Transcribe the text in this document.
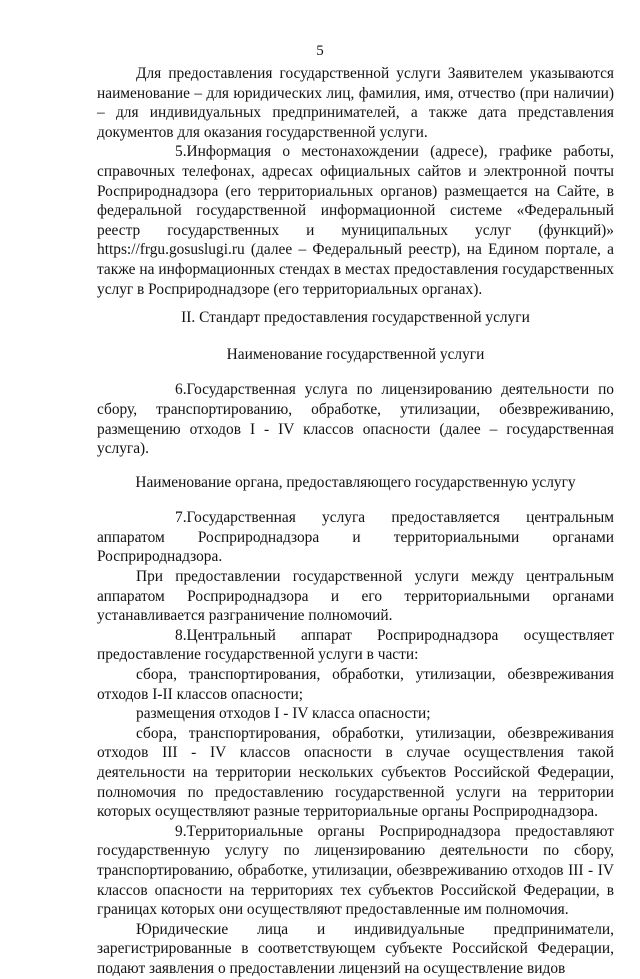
5

Для предоставления государственной услуги Заявителем указываются наименование – для юридических лиц, фамилия, имя, отчество (при наличии) – для индивидуальных предпринимателей, а также дата представления документов для оказания государственной услуги.

5.Информация о местонахождении (адресе), графике работы, справочных телефонах, адресах официальных сайтов и электронной почты Росприроднадзора (его территориальных органов) размещается на Сайте, в федеральной государственной информационной системе «Федеральный реестр государственных и муниципальных услуг (функций)» https://frgu.gosuslugi.ru (далее – Федеральный реестр), на Едином портале, а также на информационных стендах в местах предоставления государственных услуг в Росприроднадзоре (его территориальных органах).

II. Стандарт предоставления государственной услуги
Наименование государственной услуги

6.Государственная услуга по лицензированию деятельности по сбору, транспортированию, обработке, утилизации, обезвреживанию, размещению отходов I - IV классов опасности (далее – государственная услуга).

Наименование органа, предоставляющего государственную услугу

7.Государственная услуга предоставляется центральным аппаратом Росприроднадзора и территориальными органами Росприроднадзора.

При предоставлении государственной услуги между центральным аппаратом Росприроднадзора и его территориальными органами устанавливается разграничение полномочий.

8.Центральный аппарат Росприроднадзора осуществляет предоставление государственной услуги в части:

сбора, транспортирования, обработки, утилизации, обезвреживания отходов I-II классов опасности;

размещения отходов I - IV класса опасности;

сбора, транспортирования, обработки, утилизации, обезвреживания отходов III - IV классов опасности в случае осуществления такой деятельности на территории нескольких субъектов Российской Федерации, полномочия по предоставлению государственной услуги на территории которых осуществляют разные территориальные органы Росприроднадзора.

9.Территориальные органы Росприроднадзора предоставляют государственную услугу по лицензированию деятельности по сбору, транспортированию, обработке, утилизации, обезвреживанию отходов III - IV классов опасности на территориях тех субъектов Российской Федерации, в границах которых они осуществляют предоставленные им полномочия.

Юридические лица и индивидуальные предприниматели, зарегистрированные в соответствующем субъекте Российской Федерации, подают заявления о предоставлении лицензий на осуществление видов
